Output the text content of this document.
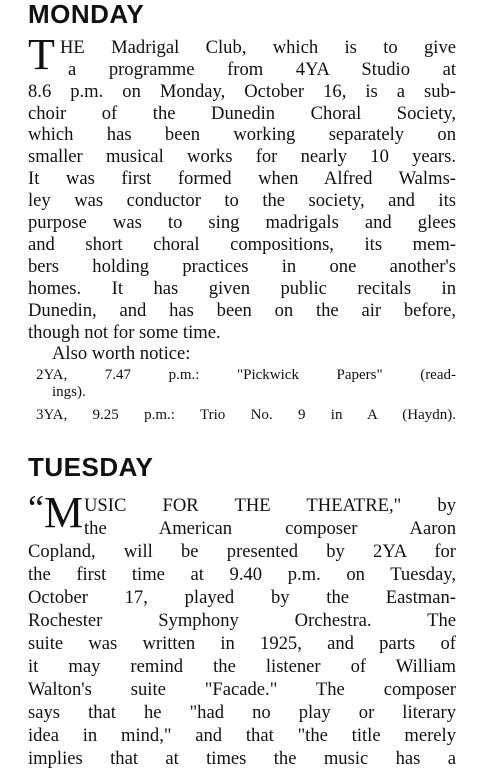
MONDAY
T HE Madrigal Club, which is to give
a programme from 4YA Studio at
8.6 p.m. on Monday, October 16, is a sub-
choir of the Dunedin Choral Society,
which has been working separately on
smaller musical works for nearly 10 years.
It was first formed when Alfred Walms-
ley was conductor to the society, and its
purpose was to sing madrigals and glees
and short choral compositions, its mem-
bers holding practices in one another's
homes. It has given public recitals in
Dunedin, and has been on the air before,
though not for some time.
Also worth notice:
2YA, 7.47 p.m.: "Pickwick Papers" (read-
ings).
3YA, 9.25 p.m.: Trio No. 9 in A (Haydn).
TUESDAY
“ M USIC FOR THE THEATRE," by
the American composer Aaron
Copland, will be presented by 2YA for
the first time at 9.40 p.m. on Tuesday,
October 17, played by the Eastman-
Rochester Symphony Orchestra. The
suite was written in 1925, and parts of
it may remind the listener of William
Walton's suite "Facade." The composer
says that he "had no play or literary
idea in mind," and that "the title merely
implies that at times the music has a
